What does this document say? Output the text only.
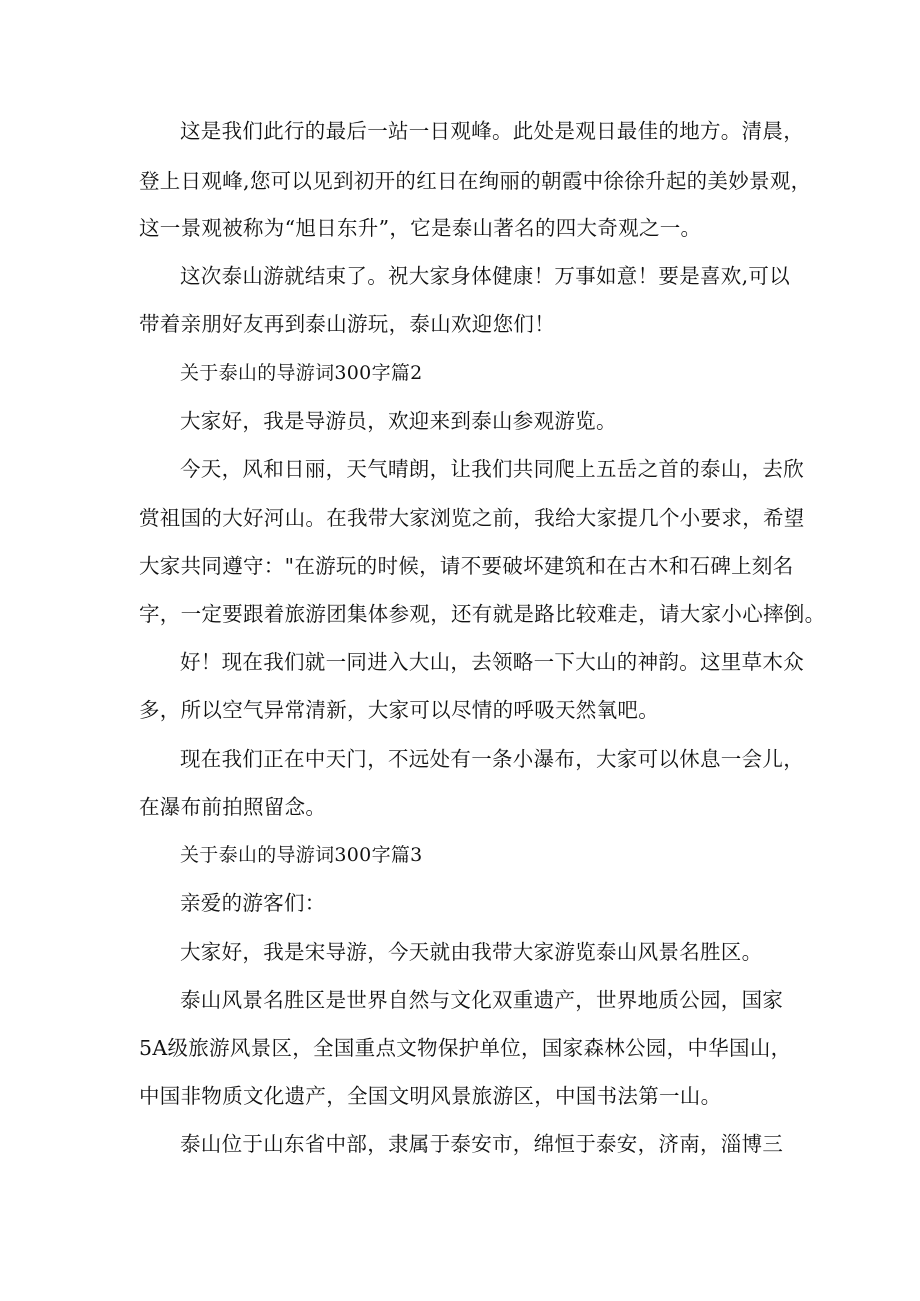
这是我们此行的最后一站一日观峰。此处是观日最佳的地方。清晨，
登上日观峰,您可以见到初开的红日在绚丽的朝霞中徐徐升起的美妙景观，
这一景观被称为“旭日东升”，它是泰山著名的四大奇观之一。
这次泰山游就结束了。祝大家身体健康！万事如意！要是喜欢,可以
带着亲朋好友再到泰山游玩，泰山欢迎您们！
关于泰山的导游词300字篇2
大家好，我是导游员，欢迎来到泰山参观游览。
今天，风和日丽，天气晴朗，让我们共同爬上五岳之首的泰山，去欣
赏祖国的大好河山。在我带大家浏览之前，我给大家提几个小要求，希望
大家共同遵守："在游玩的时候，请不要破坏建筑和在古木和石碑上刻名
字，一定要跟着旅游团集体参观，还有就是路比较难走，请大家小心摔倒。
好！现在我们就一同进入大山，去领略一下大山的神韵。这里草木众
多，所以空气异常清新，大家可以尽情的呼吸天然氧吧。
现在我们正在中天门，不远处有一条小瀑布，大家可以休息一会儿，
在瀑布前拍照留念。
关于泰山的导游词300字篇3
亲爱的游客们：
大家好，我是宋导游，今天就由我带大家游览泰山风景名胜区。
泰山风景名胜区是世界自然与文化双重遗产，世界地质公园，国家
5A级旅游风景区，全国重点文物保护单位，国家森林公园，中华国山，
中国非物质文化遗产，全国文明风景旅游区，中国书法第一山。
泰山位于山东省中部，隶属于泰安市，绵恒于泰安，济南，淄博三
